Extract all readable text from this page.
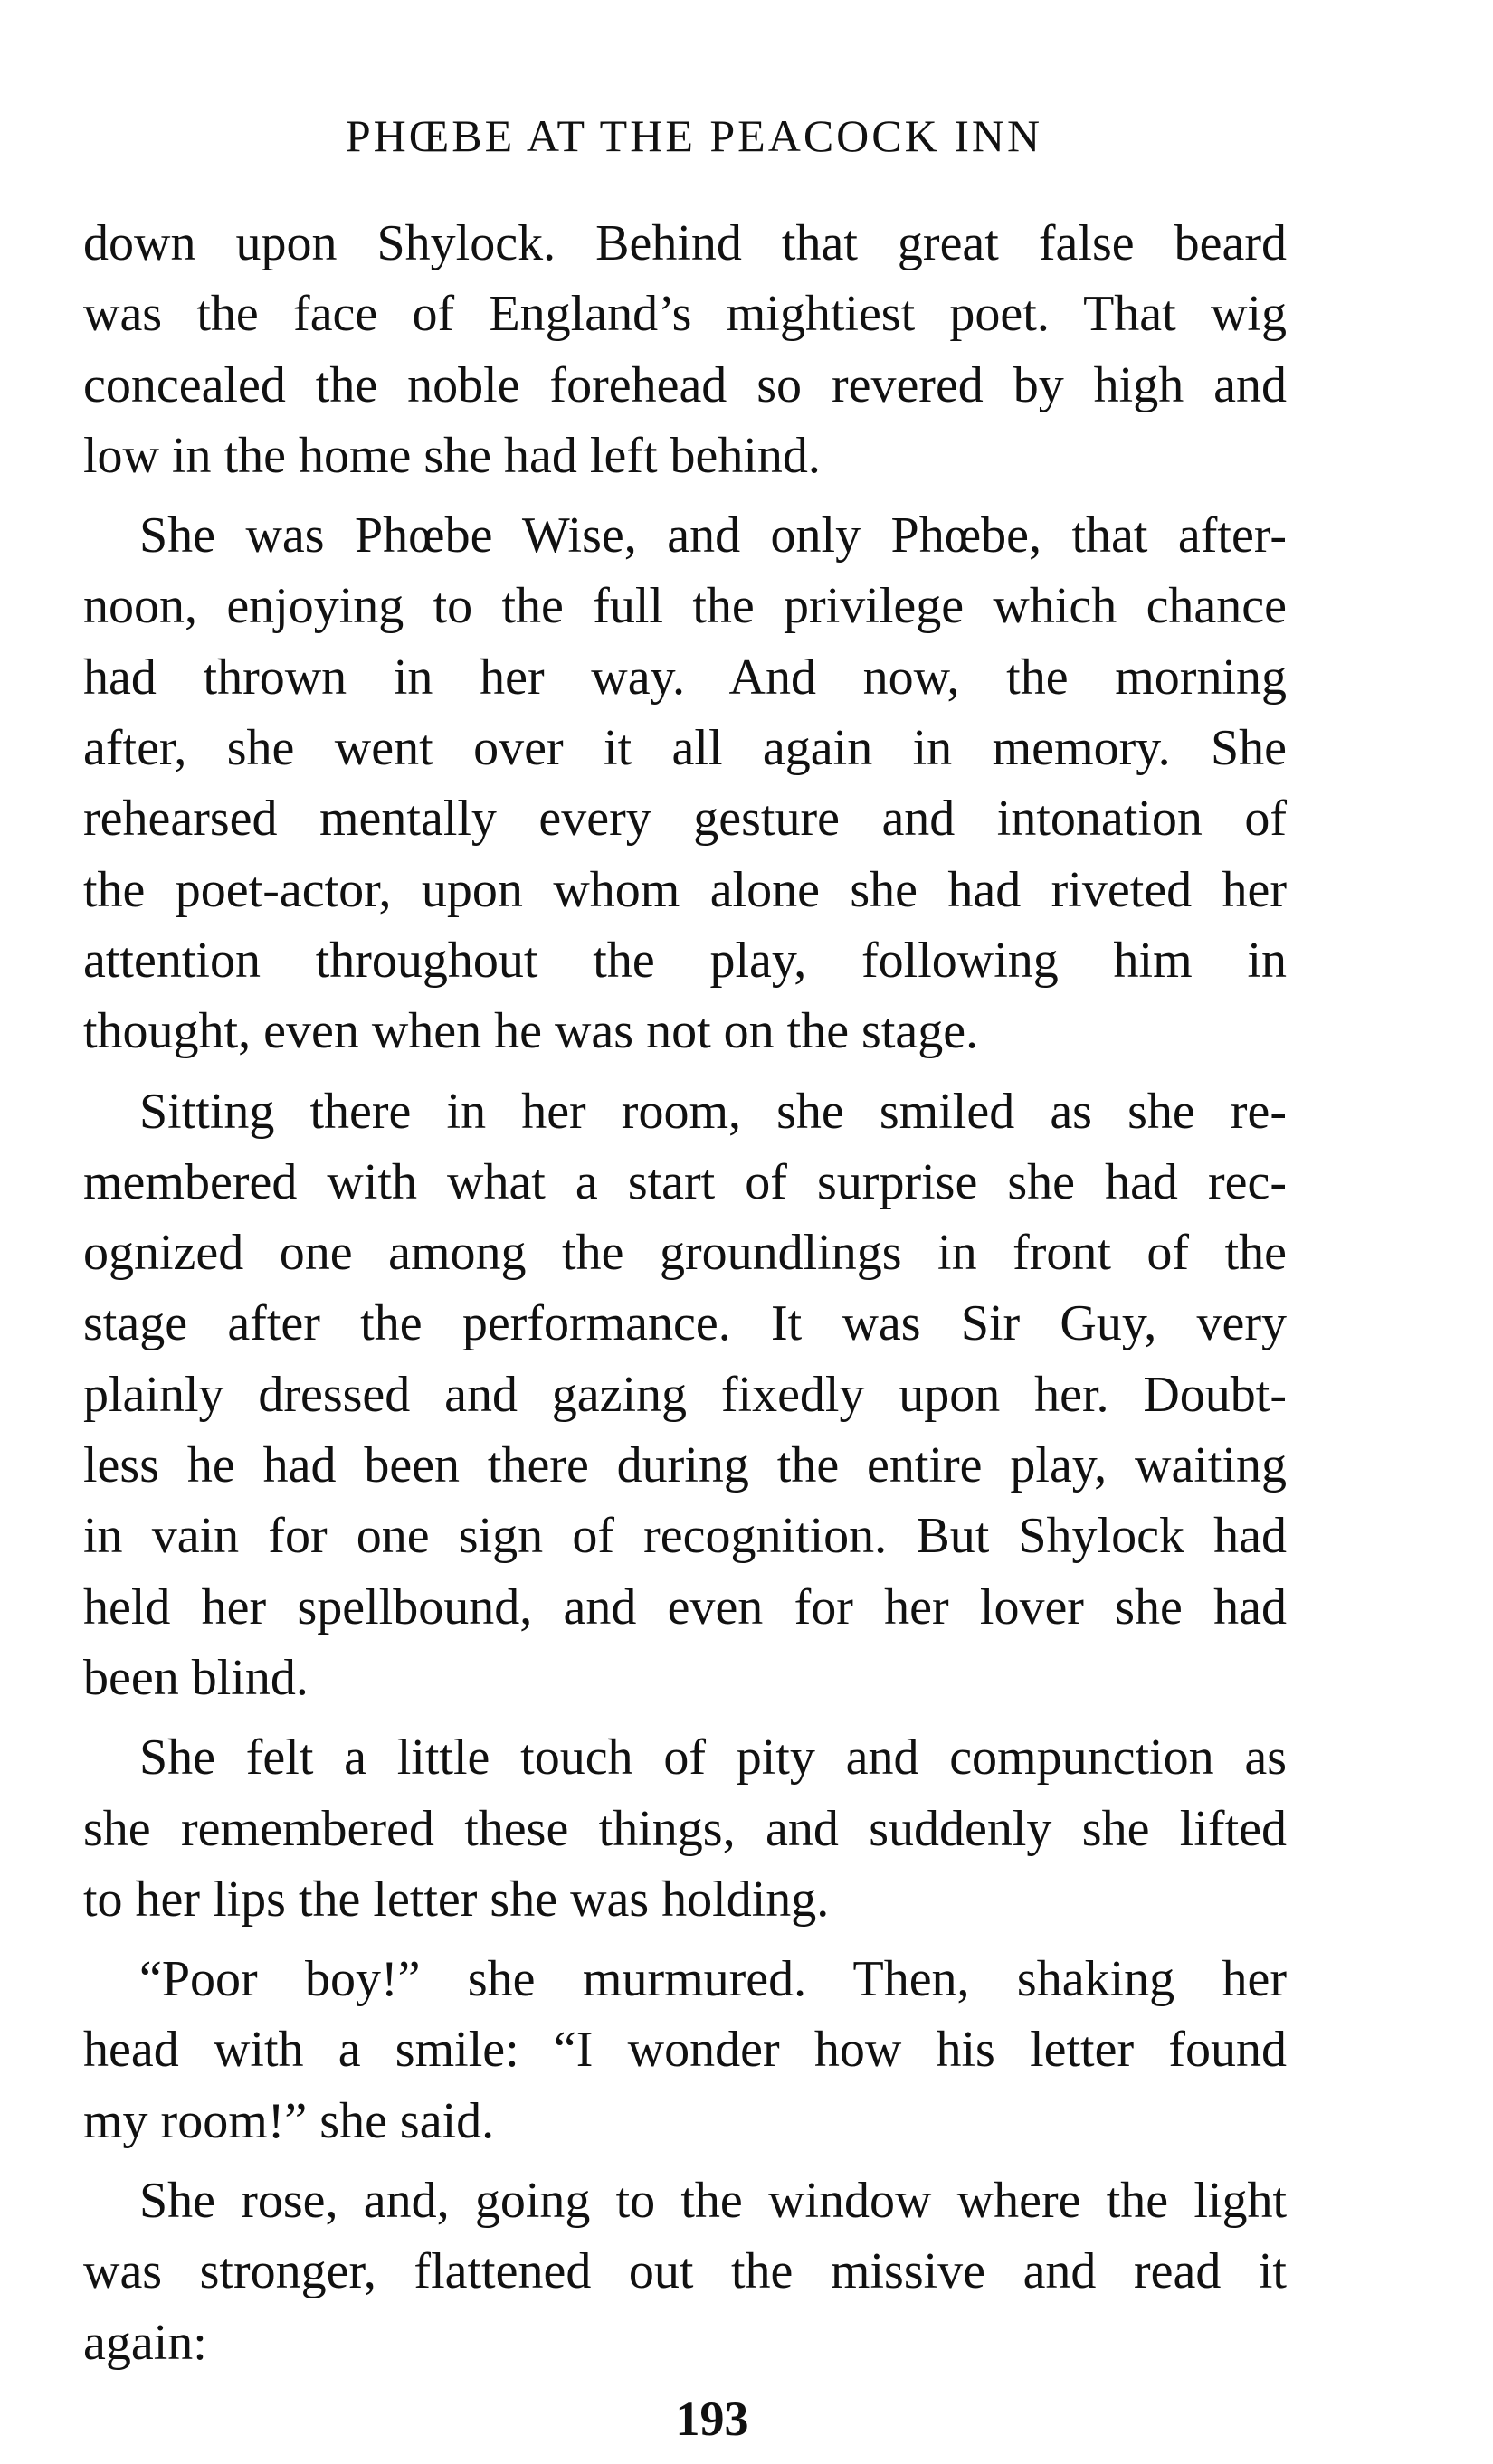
PHŒBE AT THE PEACOCK INN
down upon Shylock. Behind that great false beard
was the face of England’s mightiest poet. That wig
concealed the noble forehead so revered by high and
low in the home she had left behind.
She was Phœbe Wise, and only Phœbe, that after-
noon, enjoying to the full the privilege which chance
had thrown in her way. And now, the morning
after, she went over it all again in memory. She
rehearsed mentally every gesture and intonation of
the poet-actor, upon whom alone she had riveted her
attention throughout the play, following him in
thought, even when he was not on the stage.
Sitting there in her room, she smiled as she re-
membered with what a start of surprise she had rec-
ognized one among the groundlings in front of the
stage after the performance. It was Sir Guy, very
plainly dressed and gazing fixedly upon her. Doubt-
less he had been there during the entire play, waiting
in vain for one sign of recognition. But Shylock had
held her spellbound, and even for her lover she had
been blind.
She felt a little touch of pity and compunction as
she remembered these things, and suddenly she lifted
to her lips the letter she was holding.
“Poor boy!” she murmured. Then, shaking her
head with a smile: “I wonder how his letter found
my room!” she said.
She rose, and, going to the window where the light
was stronger, flattened out the missive and read it
again:
193
